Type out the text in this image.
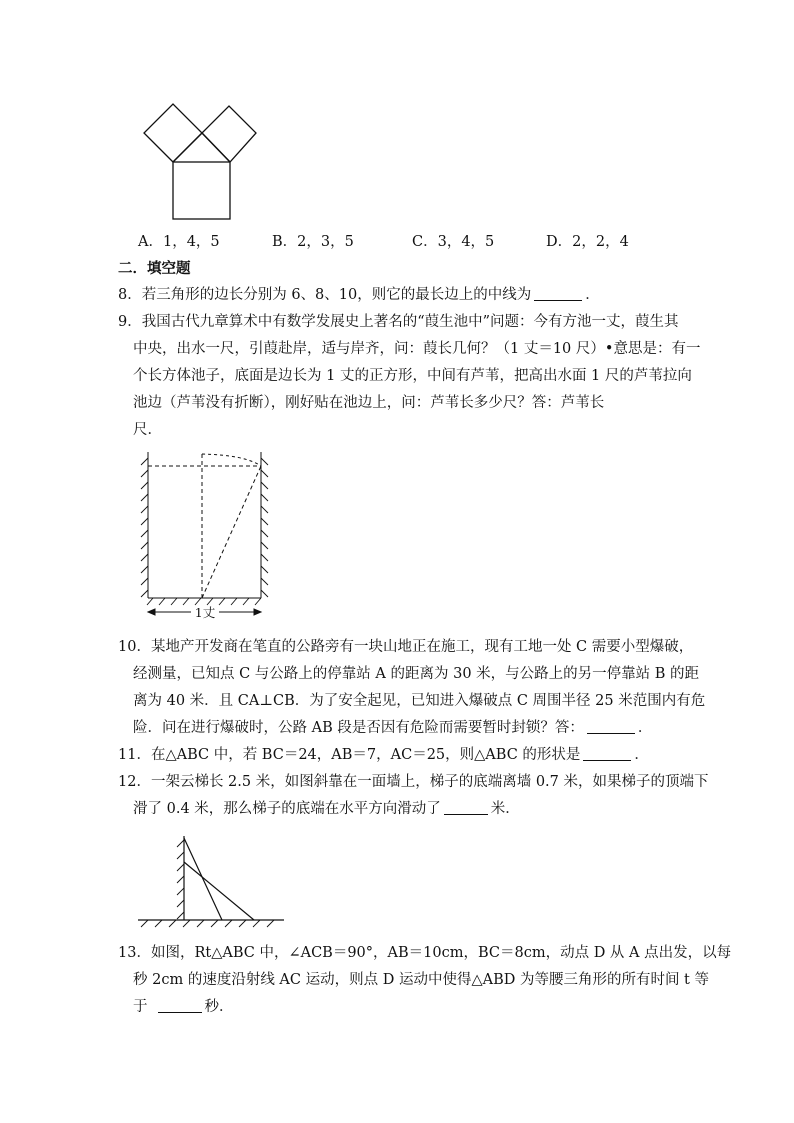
A．1，4，5	B．2，3，5	C．3，4，5	D．2，2，4
二．填空题
8．若三角形的边长分别为 6、8、10，则它的最长边上的中线为	．
9．我国古代九章算术中有数学发展史上著名的“葭生池中”问题：今有方池一丈，葭生其
中央，出水一尺，引葭赴岸，适与岸齐，问：葭长几何？（1 丈＝10 尺）•意思是：有一
个长方体池子，底面是边长为 1 丈的正方形，中间有芦苇，把高出水面 1 尺的芦苇拉向
池边（芦苇没有折断），刚好贴在池边上，问：芦苇长多少尺？答：芦苇长
尺．
1丈
10．某地产开发商在笔直的公路旁有一块山地正在施工，现有工地一处 C 需要小型爆破，
经测量，已知点 C 与公路上的停靠站 A 的距离为 30 米，与公路上的另一停靠站 B 的距
离为 40 米．且 CA⊥CB．为了安全起见，已知进入爆破点 C 周围半径 25 米范围内有危
险．问在进行爆破时，公路 AB 段是否因有危险而需要暂时封锁？答：	．
11．在△ABC 中，若 BC＝24，AB＝7，AC＝25，则△ABC 的形状是	．
12．一架云梯长 2.5 米，如图斜靠在一面墙上，梯子的底端离墙 0.7 米，如果梯子的顶端下
滑了 0.4 米，那么梯子的底端在水平方向滑动了	米．
13．如图，Rt△ABC 中，∠ACB＝90°，AB＝10cm，BC＝8cm，动点 D 从 A 点出发，以每
秒 2cm 的速度沿射线 AC 运动，则点 D 运动中使得△ABD 为等腰三角形的所有时间 t 等
于	秒．
